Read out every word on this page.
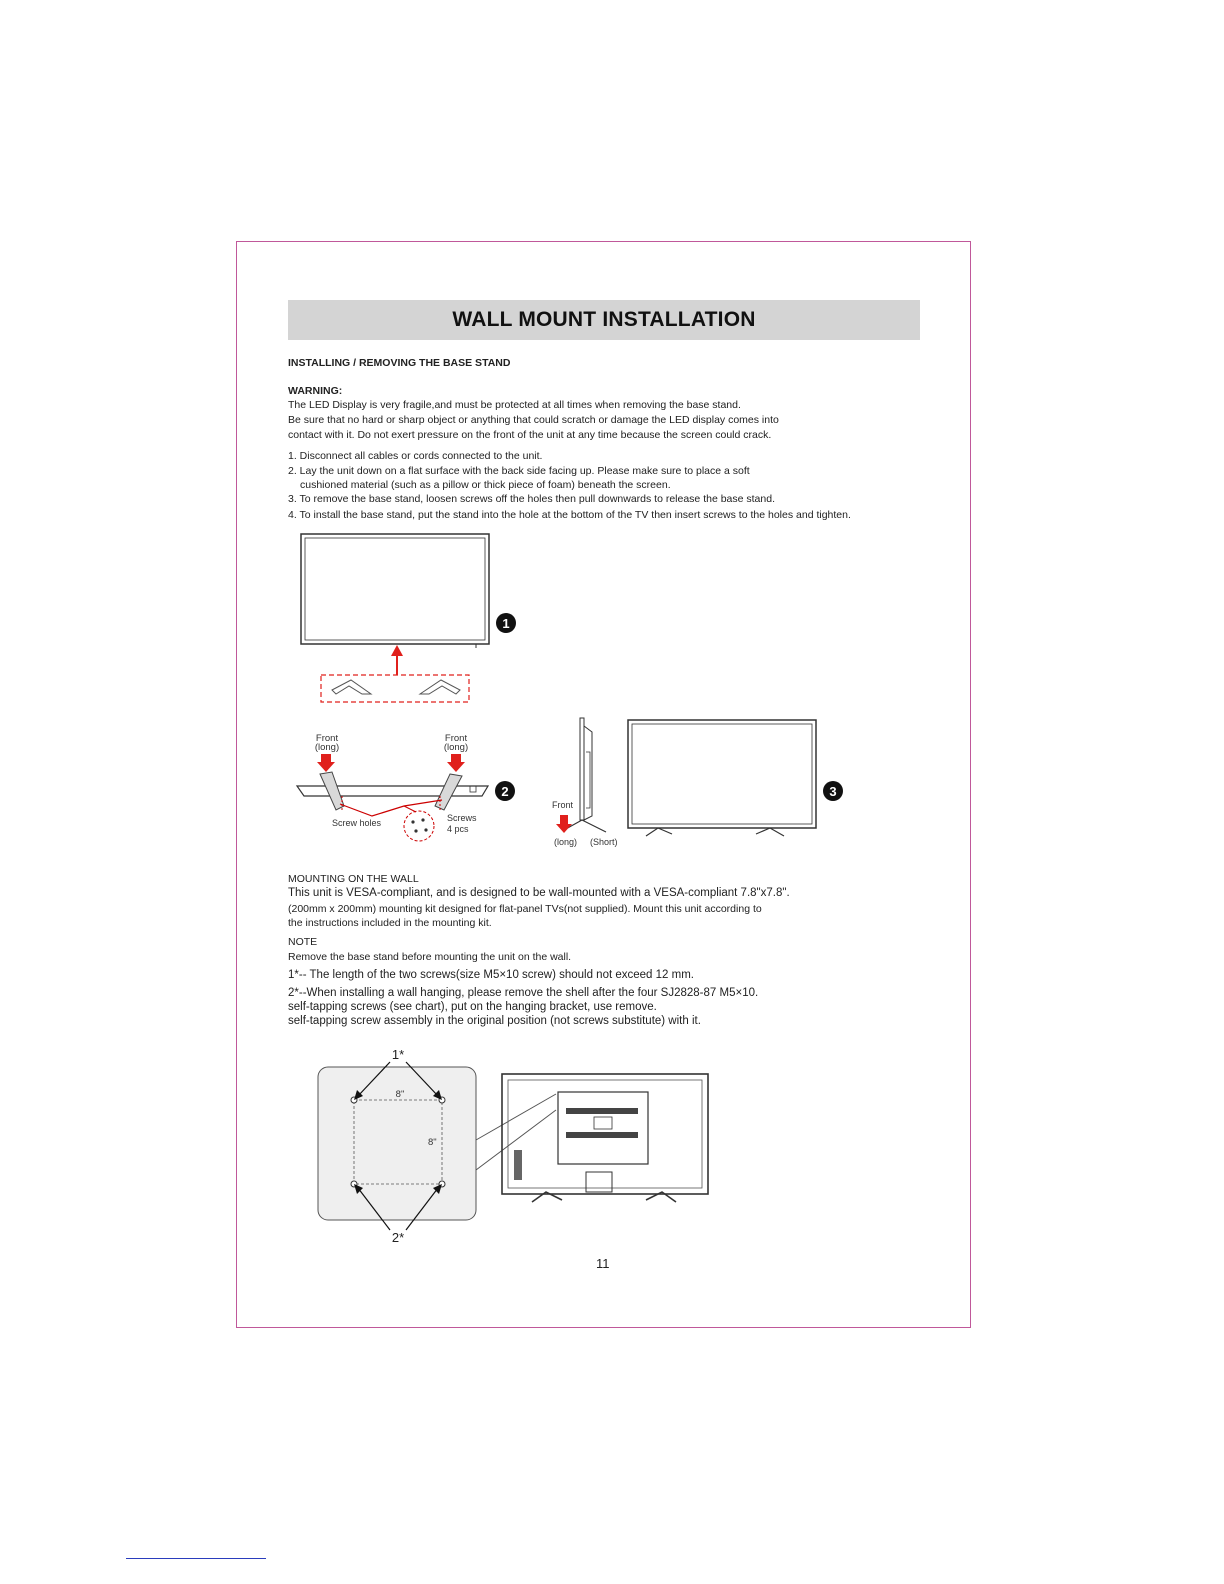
WALL MOUNT INSTALLATION
INSTALLING / REMOVING THE BASE STAND
WARNING:
The LED Display is very fragile,and must be protected at all times when removing the base stand.
Be sure that no hard or sharp object or anything that could scratch or damage the LED display comes into
contact with it. Do not exert pressure on the front of the unit at any time because the screen could crack.
1. Disconnect all cables or cords connected to the unit.
2. Lay the unit down on a flat surface with the back side facing up. Please make sure to place a soft
cushioned material (such as a pillow or thick piece of foam) beneath the screen.
3. To remove the base stand, loosen screws off the holes then pull downwards to release the base stand.
4. To install the base stand, put the stand into the hole at the bottom of the TV then insert screws to the holes and tighten.
1
Front
(long)
Front
(long)
Screw holes	Screws
4 pcs
2
Front
(long) (Short)
3
MOUNTING ON THE WALL
This unit is VESA-compliant, and is designed to be wall-mounted with a VESA-compliant 7.8"x7.8".
(200mm x 200mm) mounting kit designed for flat-panel TVs(not supplied). Mount this unit according to
the instructions included in the mounting kit.
NOTE
Remove the base stand before mounting the unit on the wall.
1*-- The length of the two screws(size M5×10 screw) should not exceed 12 mm.
2*--When installing a wall hanging, please remove the shell after the four SJ2828-87 M5×10.
self-tapping screws (see chart), put on the hanging bracket, use remove.
self-tapping screw assembly in the original position (not screws substitute) with it.
1*
8"
8"
2*
11
